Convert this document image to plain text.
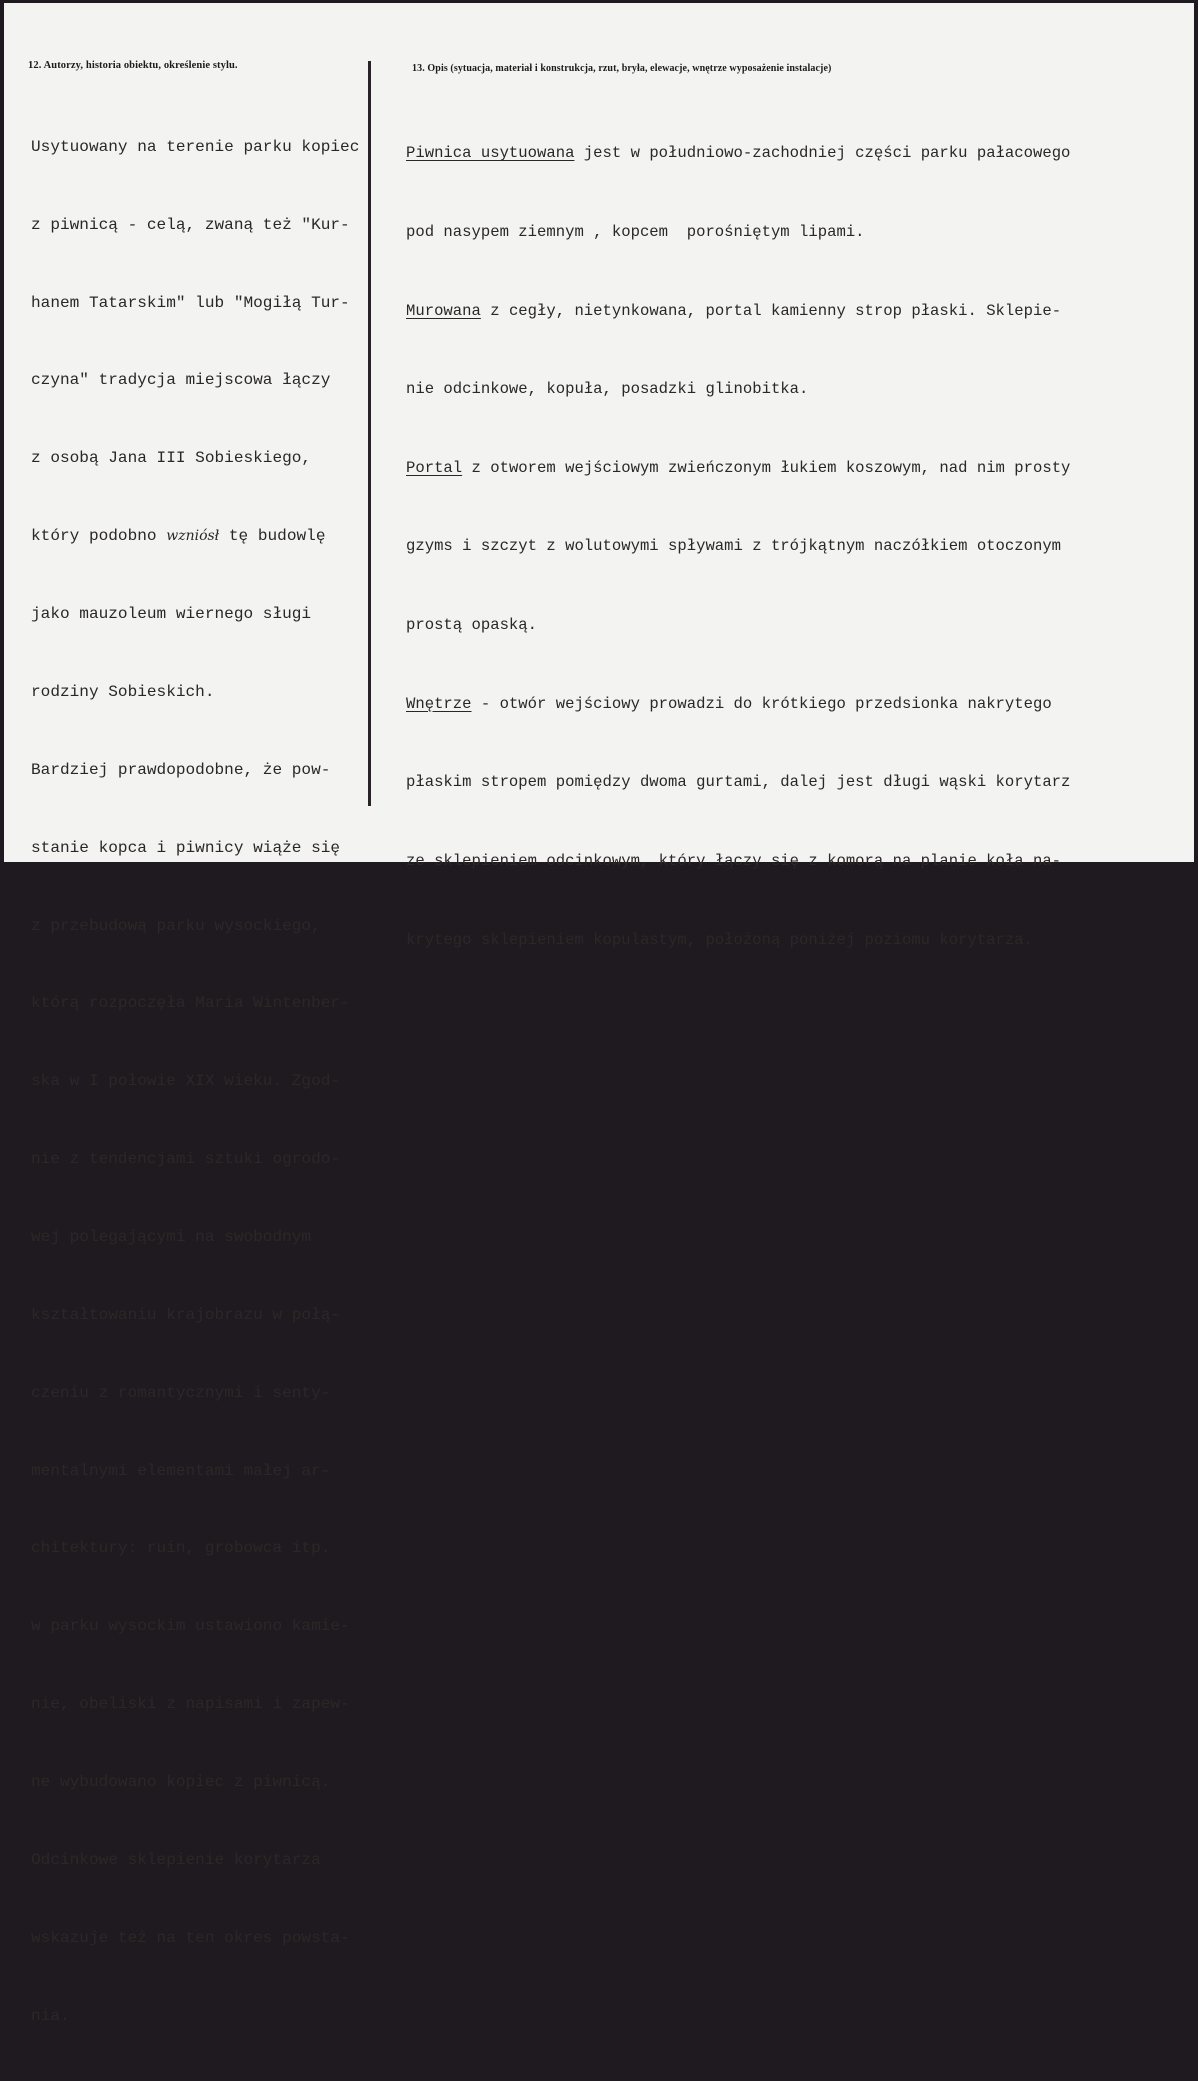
12. Autorzy, historia obiektu, określenie stylu.	13. Opis (sytuacja, materiał i konstrukcja, rzut, bryła, elewacje, wnętrze wyposażenie instalacje)

Usytuowany na terenie parku kopiec

z piwnicą - celą, zwaną też "Kur-

hanem Tatarskim" lub "Mogiłą Tur-

czyna" tradycja miejscowa łączy

z osobą Jana III Sobieskiego,

który podobno wzniósł tę budowlę

jako mauzoleum wiernego sługi

rodziny Sobieskich.

Bardziej prawdopodobne, że pow-

stanie kopca i piwnicy wiąże się

z przebudową parku wysockiego,

którą rozpoczęła Maria Wintenber-

ska w I połowie XIX wieku. Zgod-

nie z tendencjami sztuki ogrodo-

wej polegającymi na swobodnym

kształtowaniu krajobrazu w połą-

czeniu z romantycznymi i senty-

mentalnymi elementami małej ar-

chitektury: ruin, grobowca itp.

w parku wysockim ustawiono kamie-

nie, obeliski z napisami i zapew-

ne wybudowano kopiec z piwnicą.

Odcinkowe sklepienie korytarza

wskazuje też na ten okres powsta-

nia.

Piwnica usytuowana jest w południowo-zachodniej części parku pałacowego

pod nasypem ziemnym , kopcem  porośniętym lipami.

Murowana z cegły, nietynkowana, portal kamienny strop płaski. Sklepie-

nie odcinkowe, kopuła, posadzki glinobitka.

Portal z otworem wejściowym zwieńczonym łukiem koszowym, nad nim prosty

gzyms i szczyt z wolutowymi spływami z trójkątnym naczółkiem otoczonym

prostą opaską.

Wnętrze - otwór wejściowy prowadzi do krótkiego przedsionka nakrytego

płaskim stropem pomiędzy dwoma gurtami, dalej jest długi wąski korytarz

ze sklepieniem odcinkowym, który łączy się z komorą na planie koła na-

krytego sklepieniem kopulastym, położoną poniżej poziomu korytarza.
